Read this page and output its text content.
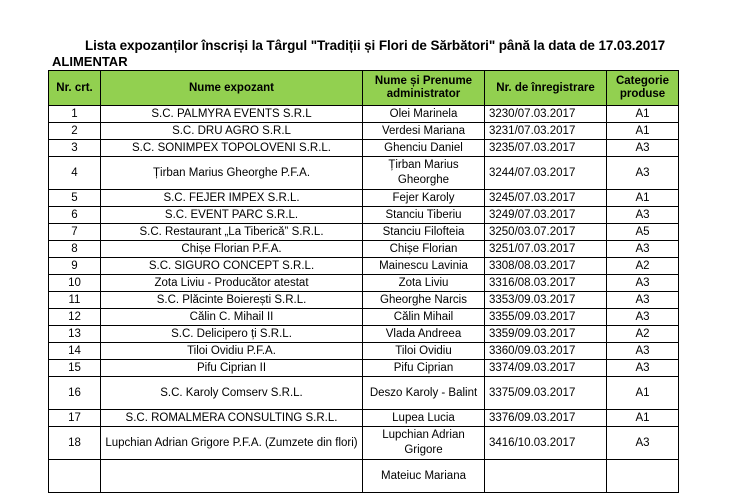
Lista expozanților înscriși la Târgul "Tradiții și Flori de Sărbători" până la data de 17.03.2017
ALIMENTAR
Nr. crt.	Nume expozant	Nume și Prenume administrator	Nr. de înregistrare	Categorie produse
1	S.C. PALMYRA EVENTS S.R.L	Olei Marinela	3230/07.03.2017	A1
2	S.C. DRU AGRO S.R.L	Verdesi Mariana	3231/07.03.2017	A1
3	S.C. SONIMPEX TOPOLOVENI S.R.L.	Ghenciu Daniel	3235/07.03.2017	A3
4	Țirban Marius Gheorghe P.F.A.	Țirban Marius Gheorghe	3244/07.03.2017	A3
5	S.C. FEJER IMPEX S.R.L.	Fejer Karoly	3245/07.03.2017	A1
6	S.C. EVENT PARC S.R.L.	Stanciu Tiberiu	3249/07.03.2017	A3
7	S.C. Restaurant „La Tiberică” S.R.L.	Stanciu Filofteia	3250/03.07.2017	A5
8	Chișe Florian P.F.A.	Chișe Florian	3251/07.03.2017	A3
9	S.C. SIGURO CONCEPT S.R.L.	Mainescu Lavinia	3308/08.03.2017	A2
10	Zota Liviu - Producător atestat	Zota Liviu	3316/08.03.2017	A3
11	S.C. Plăcinte Boierești S.R.L.	Gheorghe Narcis	3353/09.03.2017	A3
12	Călin C. Mihail II	Călin Mihail	3355/09.03.2017	A3
13	S.C. Delicipero ți S.R.L.	Vlada Andreea	3359/09.03.2017	A2
14	Tiloi Ovidiu P.F.A.	Tiloi Ovidiu	3360/09.03.2017	A3
15	Pifu Ciprian II	Pifu Ciprian	3374/09.03.2017	A3
16	S.C. Karoly Comserv S.R.L.	Deszo Karoly - Balint	3375/09.03.2017	A1
17	S.C. ROMALMERA CONSULTING S.R.L.	Lupea Lucia	3376/09.03.2017	A1
18	Lupchian Adrian Grigore P.F.A. (Zumzete din flori)	Lupchian Adrian Grigore	3416/10.03.2017	A3
		Mateiuc Mariana		
